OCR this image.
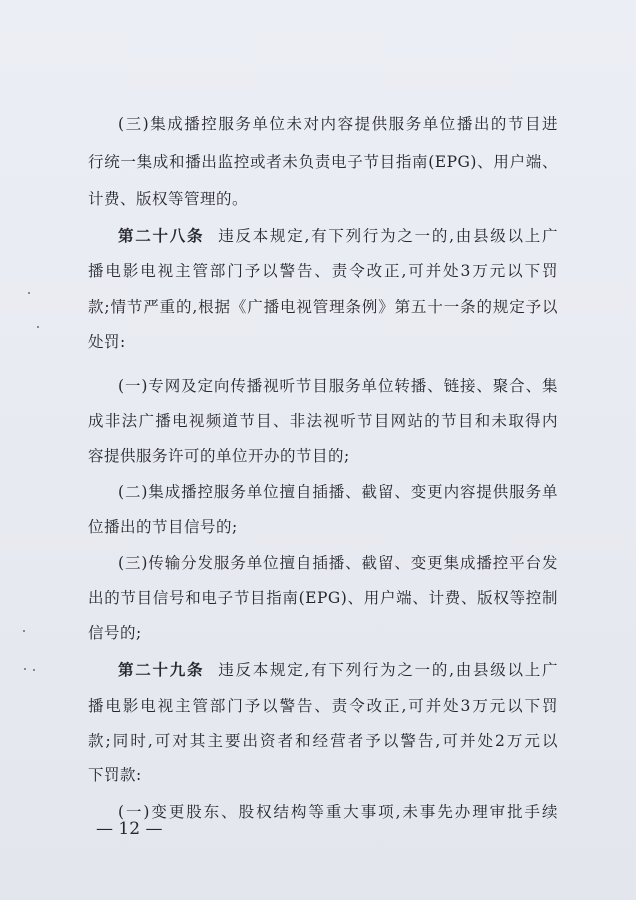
(三)集成播控服务单位未对内容提供服务单位播出的节目进
行统一集成和播出监控或者未负责电子节目指南(EPG)、用户端、
计费、版权等管理的。
第二十八条 违反本规定,有下列行为之一的,由县级以上广
播电影电视主管部门予以警告、责令改正,可并处3万元以下罚
款;情节严重的,根据《广播电视管理条例》第五十一条的规定予以
处罚:
(一)专网及定向传播视听节目服务单位转播、链接、聚合、集
成非法广播电视频道节目、非法视听节目网站的节目和未取得内
容提供服务许可的单位开办的节目的;
(二)集成播控服务单位擅自插播、截留、变更内容提供服务单
位播出的节目信号的;
(三)传输分发服务单位擅自插播、截留、变更集成播控平台发
出的节目信号和电子节目指南(EPG)、用户端、计费、版权等控制
信号的;
第二十九条 违反本规定,有下列行为之一的,由县级以上广
播电影电视主管部门予以警告、责令改正,可并处3万元以下罚
款;同时,可对其主要出资者和经营者予以警告,可并处2万元以
下罚款:
(一)变更股东、股权结构等重大事项,未事先办理审批手续
— 12 —
